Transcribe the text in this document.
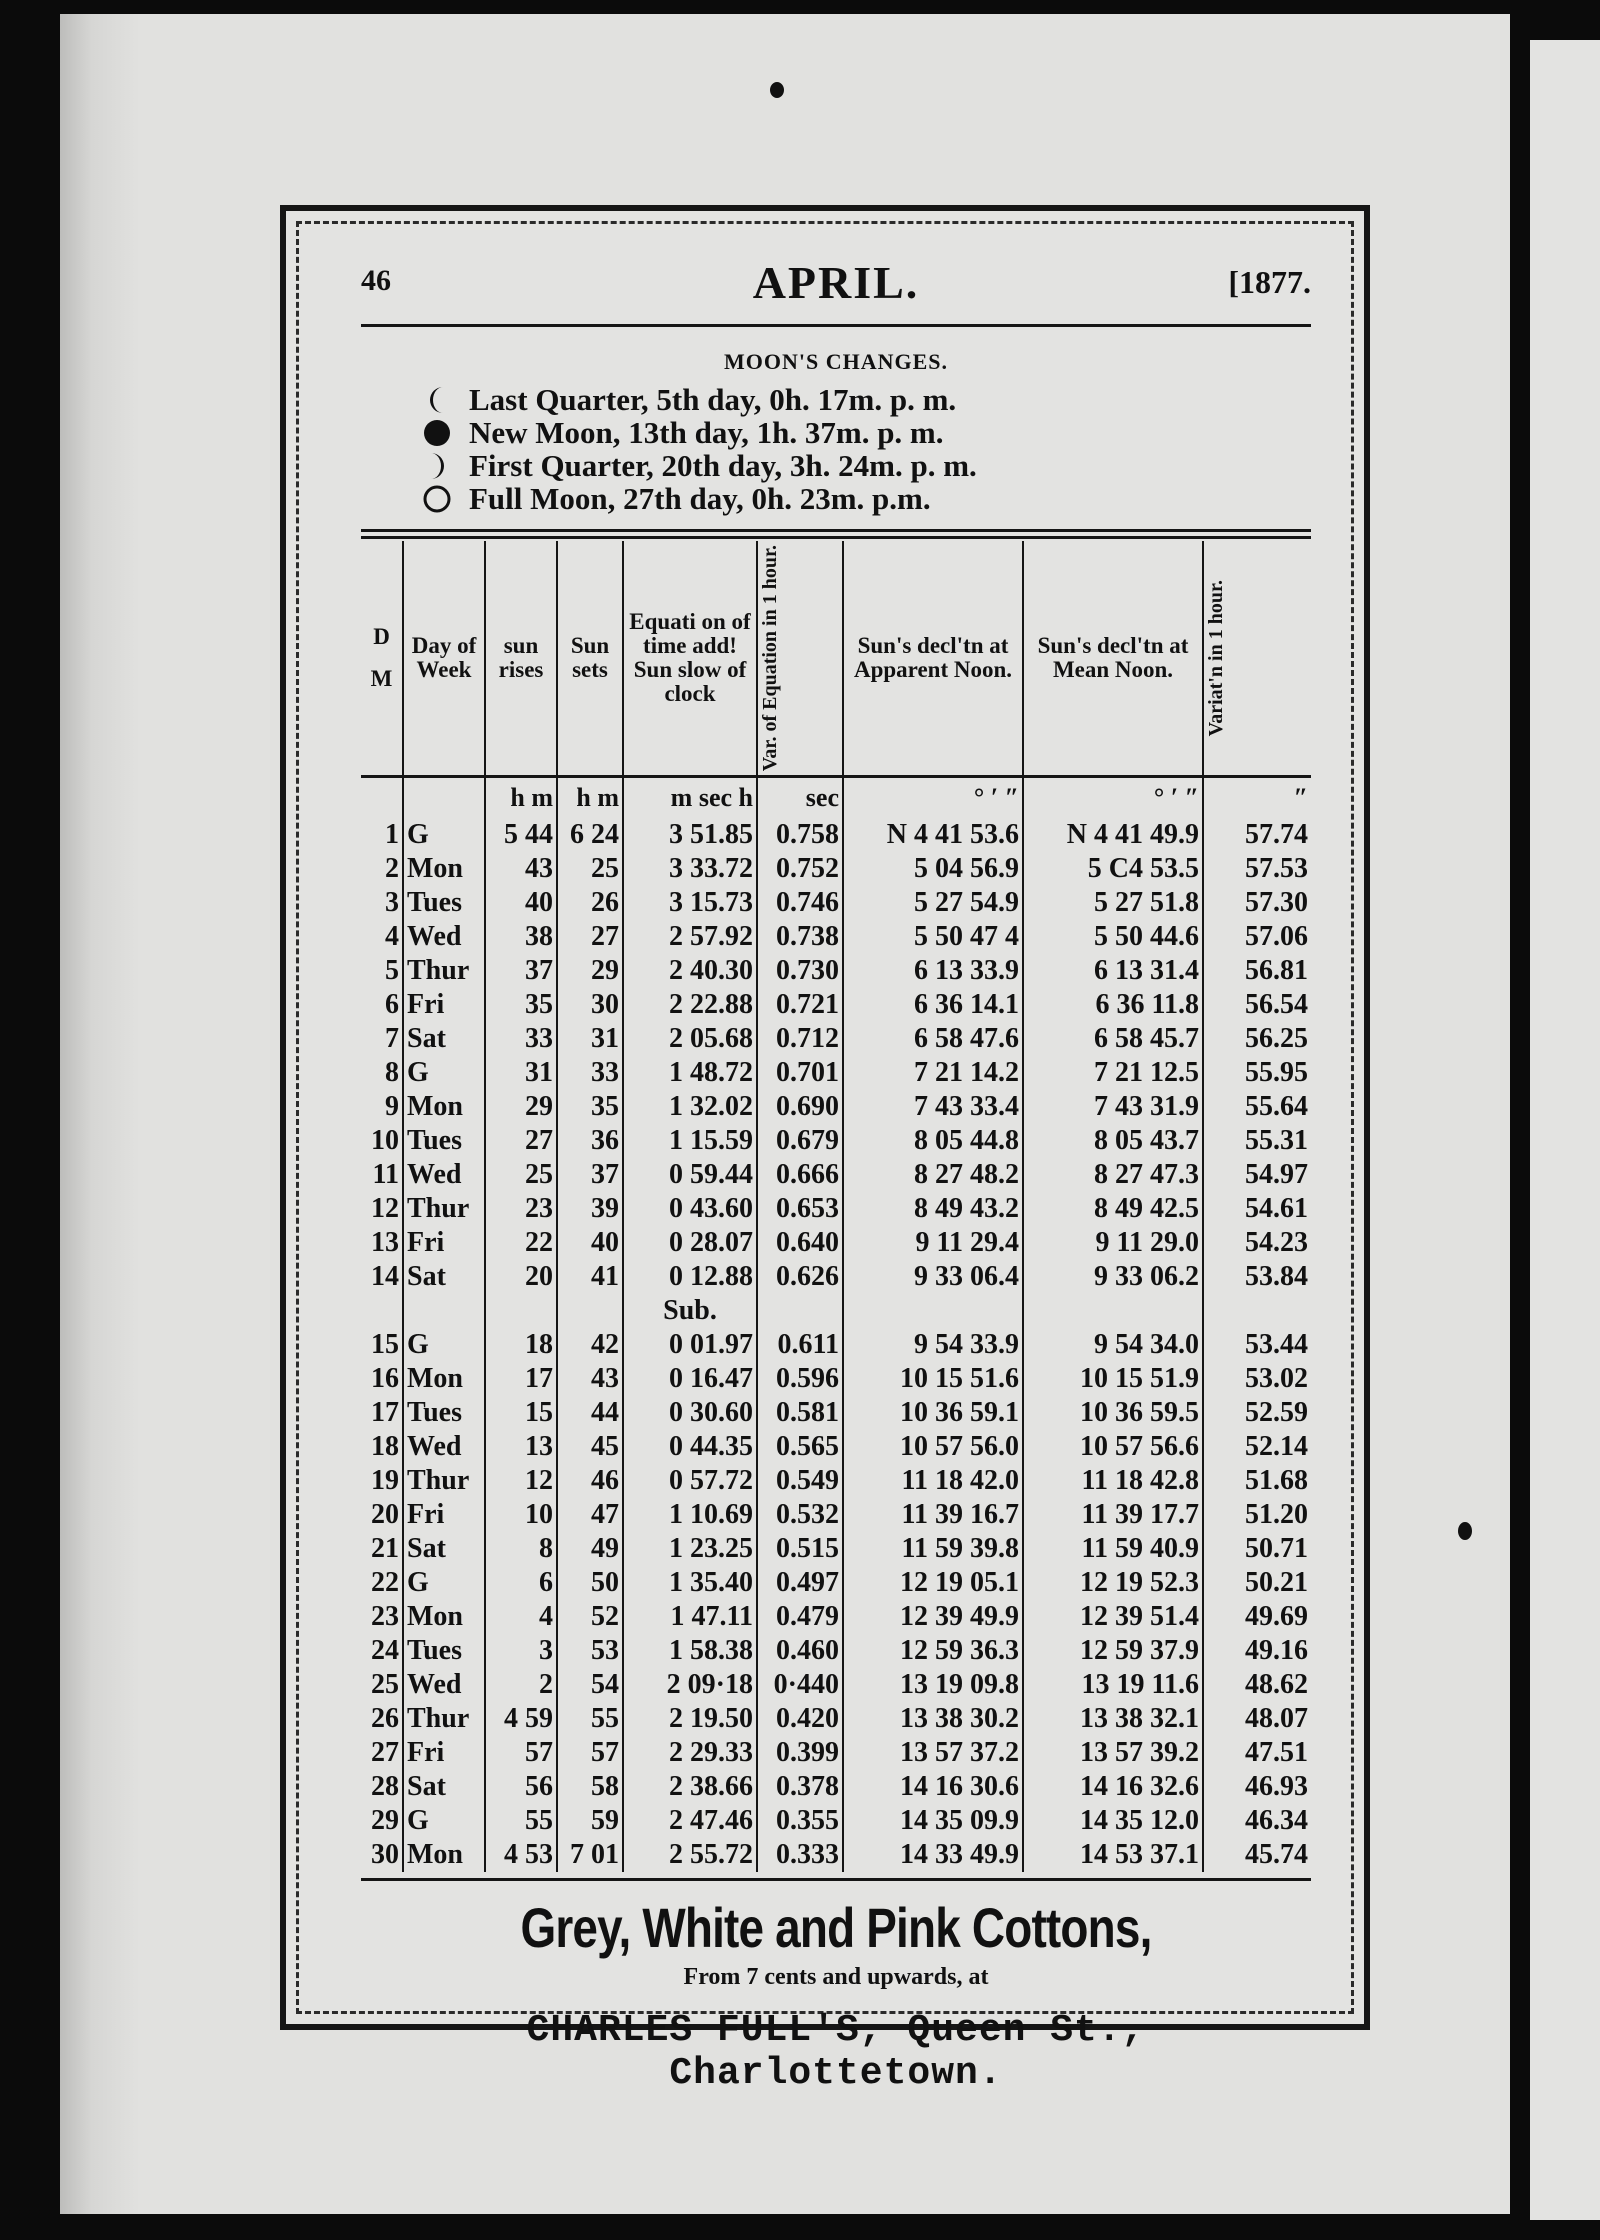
46	APRIL.	[1877.
MOON'S CHANGES.
Last Quarter, 5th day, 0h. 17m. p. m.
New Moon, 13th day, 1h. 37m. p. m.
First Quarter, 20th day, 3h. 24m. p. m.
Full Moon, 27th day, 0h. 23m. p.m.
D
M	Day of Week	sun rises	Sun sets	Equati on of time add! Sun slow of clock	Var. of Equation in 1 hour.	Sun's decl'tn at Apparent Noon.	Sun's decl'tn at Mean Noon.	Variat'n in 1 hour.

		h m	h m	m sec h	sec	° ′ ″	° ′ ″	″
1	G	5 44	6 24	3 51.85	0.758	N 4 41 53.6	N 4 41 49.9	57.74
2	Mon	43	25	3 33.72	0.752	5 04 56.9	5 C4 53.5	57.53
3	Tues	40	26	3 15.73	0.746	5 27 54.9	5 27 51.8	57.30
4	Wed	38	27	2 57.92	0.738	5 50 47 4	5 50 44.6	57.06
5	Thur	37	29	2 40.30	0.730	6 13 33.9	6 13 31.4	56.81
6	Fri	35	30	2 22.88	0.721	6 36 14.1	6 36 11.8	56.54
7	Sat	33	31	2 05.68	0.712	6 58 47.6	6 58 45.7	56.25
8	G	31	33	1 48.72	0.701	7 21 14.2	7 21 12.5	55.95
9	Mon	29	35	1 32.02	0.690	7 43 33.4	7 43 31.9	55.64
10	Tues	27	36	1 15.59	0.679	8 05 44.8	8 05 43.7	55.31
11	Wed	25	37	0 59.44	0.666	8 27 48.2	8 27 47.3	54.97
12	Thur	23	39	0 43.60	0.653	8 49 43.2	8 49 42.5	54.61
13	Fri	22	40	0 28.07	0.640	9 11 29.4	9 11 29.0	54.23
14	Sat	20	41	0 12.88	0.626	9 33 06.4	9 33 06.2	53.84
				Sub.				
15	G	18	42	0 01.97	0.611	9 54 33.9	9 54 34.0	53.44
16	Mon	17	43	0 16.47	0.596	10 15 51.6	10 15 51.9	53.02
17	Tues	15	44	0 30.60	0.581	10 36 59.1	10 36 59.5	52.59
18	Wed	13	45	0 44.35	0.565	10 57 56.0	10 57 56.6	52.14
19	Thur	12	46	0 57.72	0.549	11 18 42.0	11 18 42.8	51.68
20	Fri	10	47	1 10.69	0.532	11 39 16.7	11 39 17.7	51.20
21	Sat	8	49	1 23.25	0.515	11 59 39.8	11 59 40.9	50.71
22	G	6	50	1 35.40	0.497	12 19 05.1	12 19 52.3	50.21
23	Mon	4	52	1 47.11	0.479	12 39 49.9	12 39 51.4	49.69
24	Tues	3	53	1 58.38	0.460	12 59 36.3	12 59 37.9	49.16
25	Wed	2	54	2 09·18	0·440	13 19 09.8	13 19 11.6	48.62
26	Thur	4 59	55	2 19.50	0.420	13 38 30.2	13 38 32.1	48.07
27	Fri	57	57	2 29.33	0.399	13 57 37.2	13 57 39.2	47.51
28	Sat	56	58	2 38.66	0.378	14 16 30.6	14 16 32.6	46.93
29	G	55	59	2 47.46	0.355	14 35 09.9	14 35 12.0	46.34
30	Mon	4 53	7 01	2 55.72	0.333	14 33 49.9	14 53 37.1	45.74
Grey, White and Pink Cottons,
From 7 cents and upwards, at
CHARLES FULL'S, Queen St., Charlottetown.
